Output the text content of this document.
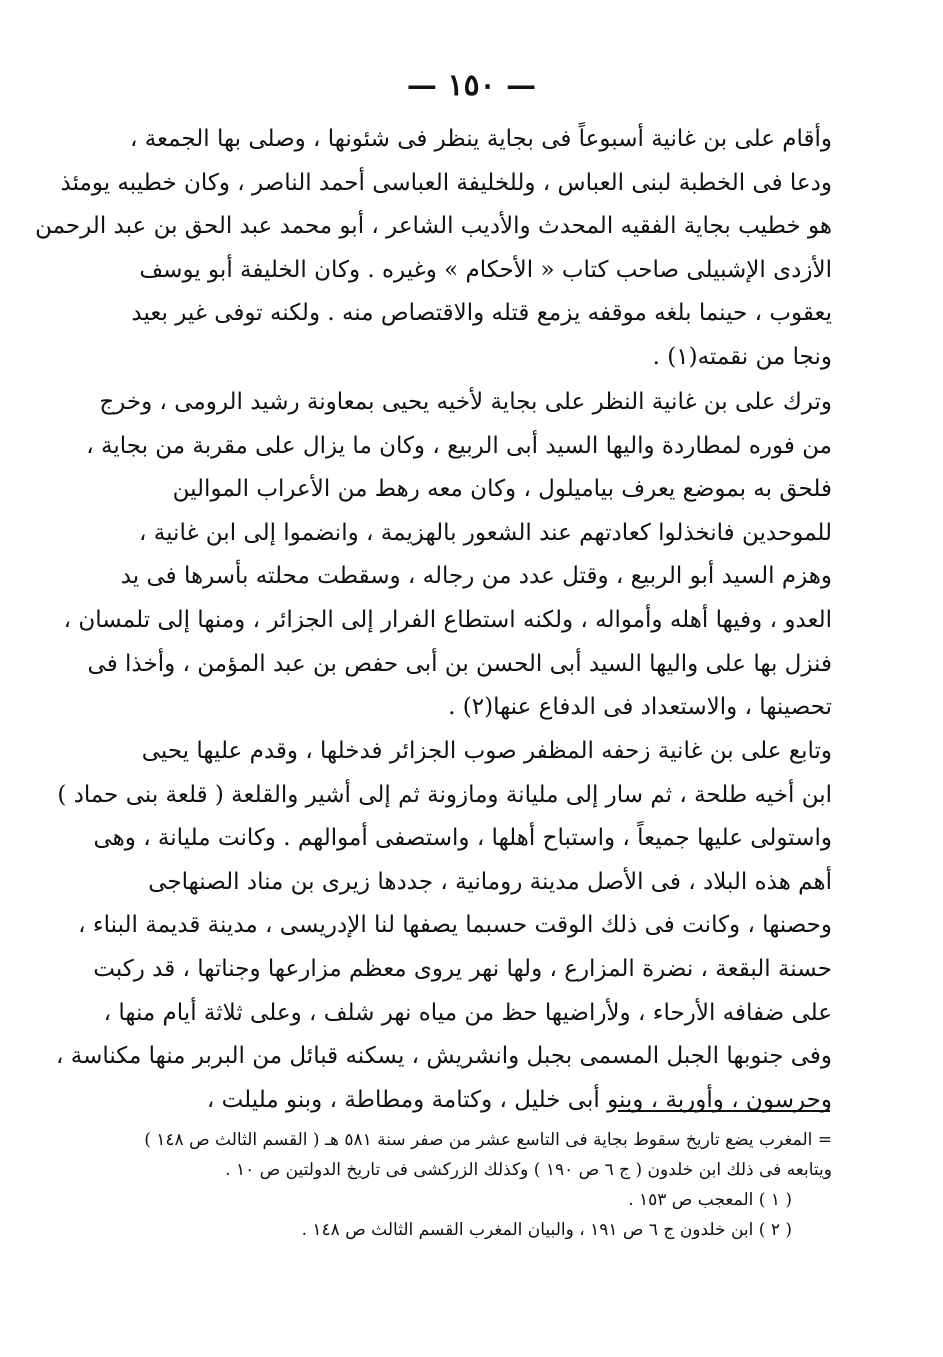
— ١٥٠ —
وأقام على بن غانية أسبوعاً فى بجاية ينظر فى شئونها ، وصلى بها الجمعة ،
ودعا فى الخطبة لبنى العباس ، وللخليفة العباسى أحمد الناصر ، وكان خطيبه يومئذ
هو خطيب بجاية الفقيه المحدث والأديب الشاعر ، أبو محمد عبد الحق بن عبد الرحمن
الأزدى الإشبيلى صاحب كتاب « الأحكام » وغيره . وكان الخليفة أبو يوسف
يعقوب ، حينما بلغه موقفه يزمع قتله والاقتصاص منه . ولكنه توفى غير بعيد
ونجا من نقمته(١) .
وترك على بن غانية النظر على بجاية لأخيه يحيى بمعاونة رشيد الرومى ، وخرج
من فوره لمطاردة واليها السيد أبى الربيع ، وكان ما يزال على مقربة من بجاية ،
فلحق به بموضع يعرف بياميلول ، وكان معه رهط من الأعراب الموالين
للموحدين فانخذلوا كعادتهم عند الشعور بالهزيمة ، وانضموا إلى ابن غانية ،
وهزم السيد أبو الربيع ، وقتل عدد من رجاله ، وسقطت محلته بأسرها فى يد
العدو ، وفيها أهله وأمواله ، ولكنه استطاع الفرار إلى الجزائر ، ومنها إلى تلمسان ،
فنزل بها على واليها السيد أبى الحسن بن أبى حفص بن عبد المؤمن ، وأخذا فى
تحصينها ، والاستعداد فى الدفاع عنها(٢) .
وتابع على بن غانية زحفه المظفر صوب الجزائر فدخلها ، وقدم عليها يحيى
ابن أخيه طلحة ، ثم سار إلى مليانة ومازونة ثم إلى أشير والقلعة ( قلعة بنى حماد )
واستولى عليها جميعاً ، واستباح أهلها ، واستصفى أموالهم . وكانت مليانة ، وهى
أهم هذه البلاد ، فى الأصل مدينة رومانية ، جددها زيرى بن مناد الصنهاجى
وحصنها ، وكانت فى ذلك الوقت حسبما يصفها لنا الإدريسى ، مدينة قديمة البناء ،
حسنة البقعة ، نضرة المزارع ، ولها نهر يروى معظم مزارعها وجناتها ، قد ركبت
على ضفافه الأرحاء ، ولأراضيها حظ من مياه نهر شلف ، وعلى ثلاثة أيام منها ،
وفى جنوبها الجبل المسمى بجبل وانشريش ، يسكنه قبائل من البربر منها مكناسة ،
وحرسون ، وأوربة ، وبنو أبى خليل ، وكتامة ومطاطة ، وبنو مليلت ،
= المغرب يضع تاريخ سقوط بجاية فى التاسع عشر من صفر سنة ٥٨١ هـ ( القسم الثالث ص ١٤٨ )
ويتابعه فى ذلك ابن خلدون ( ج ٦ ص ١٩٠ ) وكذلك الزركشى فى تاريخ الدولتين ص ١٠ .
( ١ ) المعجب ص ١٥٣ .
( ٢ ) ابن خلدون ج ٦ ص ١٩١ ، والبيان المغرب القسم الثالث ص ١٤٨ .
